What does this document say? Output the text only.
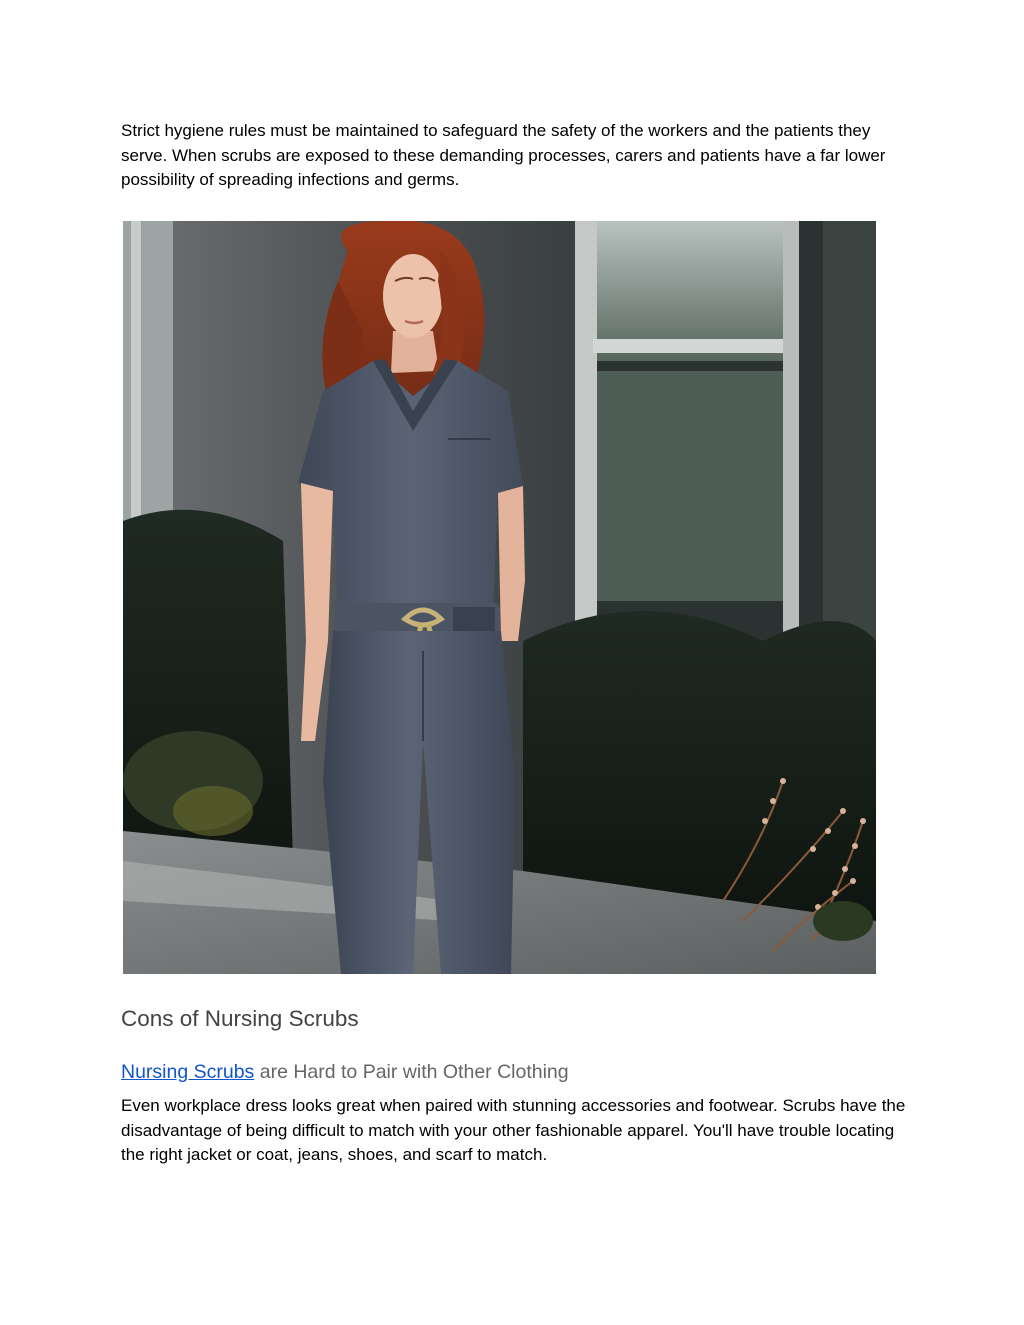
Strict hygiene rules must be maintained to safeguard the safety of the workers and the patients they serve. When scrubs are exposed to these demanding processes, carers and patients have a far lower possibility of spreading infections and germs.

Cons of Nursing Scrubs
Nursing Scrubs are Hard to Pair with Other Clothing

Even workplace dress looks great when paired with stunning accessories and footwear. Scrubs have the disadvantage of being difficult to match with your other fashionable apparel. You'll have trouble locating the right jacket or coat, jeans, shoes, and scarf to match.
